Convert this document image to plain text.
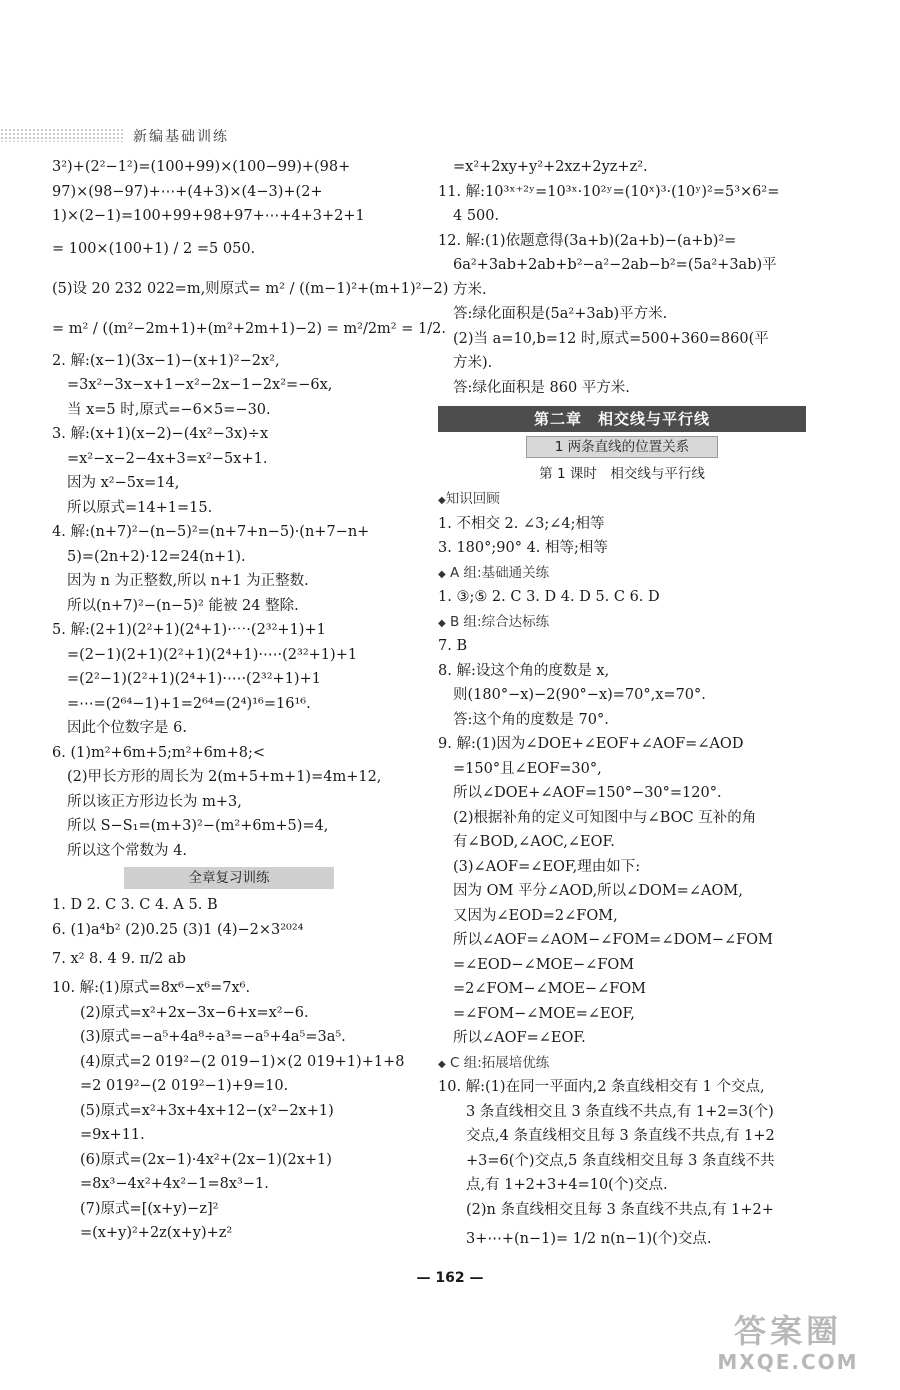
新编基础训练
3²)+(2²−1²)=(100+99)×(100−99)+(98+
97)×(98−97)+⋯+(4+3)×(4−3)+(2+
1)×(2−1)=100+99+98+97+⋯+4+3+2+1
= 100×(100+1) / 2 =5 050.
(5)设 20 232 022=m,则原式= m² / ((m−1)²+(m+1)²−2)
= m² / ((m²−2m+1)+(m²+2m+1)−2) = m²/2m² = 1/2.
2. 解:(x−1)(3x−1)−(x+1)²−2x²,
=3x²−3x−x+1−x²−2x−1−2x²=−6x,
当 x=5 时,原式=−6×5=−30.
3. 解:(x+1)(x−2)−(4x²−3x)÷x
=x²−x−2−4x+3=x²−5x+1.
因为 x²−5x=14,
所以原式=14+1=15.
4. 解:(n+7)²−(n−5)²=(n+7+n−5)·(n+7−n+
5)=(2n+2)·12=24(n+1).
因为 n 为正整数,所以 n+1 为正整数.
所以(n+7)²−(n−5)² 能被 24 整除.
5. 解:(2+1)(2²+1)(2⁴+1)·⋯·(2³²+1)+1
=(2−1)(2+1)(2²+1)(2⁴+1)·⋯·(2³²+1)+1
=(2²−1)(2²+1)(2⁴+1)·⋯·(2³²+1)+1
=⋯=(2⁶⁴−1)+1=2⁶⁴=(2⁴)¹⁶=16¹⁶.
因此个位数字是 6.
6. (1)m²+6m+5;m²+6m+8;<
(2)甲长方形的周长为 2(m+5+m+1)=4m+12,
所以该正方形边长为 m+3,
所以 S−S₁=(m+3)²−(m²+6m+5)=4,
所以这个常数为 4.
全章复习训练
1. D 2. C 3. C 4. A 5. B
6. (1)a⁴b² (2)0.25 (3)1 (4)−2×3²⁰²⁴
7. x² 8. 4 9. π/2 ab
10. 解:(1)原式=8x⁶−x⁶=7x⁶.
(2)原式=x²+2x−3x−6+x=x²−6.
(3)原式=−a⁵+4a⁸÷a³=−a⁵+4a⁵=3a⁵.
(4)原式=2 019²−(2 019−1)×(2 019+1)+1+8
=2 019²−(2 019²−1)+9=10.
(5)原式=x²+3x+4x+12−(x²−2x+1)
=9x+11.
(6)原式=(2x−1)·4x²+(2x−1)(2x+1)
=8x³−4x²+4x²−1=8x³−1.
(7)原式=[(x+y)−z]²
=(x+y)²+2z(x+y)+z²
=x²+2xy+y²+2xz+2yz+z².
11. 解:10³ˣ⁺²ʸ=10³ˣ·10²ʸ=(10ˣ)³·(10ʸ)²=5³×6²=
4 500.
12. 解:(1)依题意得(3a+b)(2a+b)−(a+b)²=
6a²+3ab+2ab+b²−a²−2ab−b²=(5a²+3ab)平
方米.
答:绿化面积是(5a²+3ab)平方米.
(2)当 a=10,b=12 时,原式=500+360=860(平
方米).
答:绿化面积是 860 平方米.
第二章　相交线与平行线
1 两条直线的位置关系
第 1 课时　相交线与平行线
◆知识回顾
1. 不相交 2. ∠3;∠4;相等
3. 180°;90° 4. 相等;相等
◆ A 组:基础通关练
1. ③;⑤ 2. C 3. D 4. D 5. C 6. D
◆ B 组:综合达标练
7. B
8. 解:设这个角的度数是 x,
则(180°−x)−2(90°−x)=70°,x=70°.
答:这个角的度数是 70°.
9. 解:(1)因为∠DOE+∠EOF+∠AOF=∠AOD
=150°且∠EOF=30°,
所以∠DOE+∠AOF=150°−30°=120°.
(2)根据补角的定义可知图中与∠BOC 互补的角
有∠BOD,∠AOC,∠EOF.
(3)∠AOF=∠EOF,理由如下:
因为 OM 平分∠AOD,所以∠DOM=∠AOM,
又因为∠EOD=2∠FOM,
所以∠AOF=∠AOM−∠FOM=∠DOM−∠FOM
=∠EOD−∠MOE−∠FOM
=2∠FOM−∠MOE−∠FOM
=∠FOM−∠MOE=∠EOF,
所以∠AOF=∠EOF.
◆ C 组:拓展培优练
10. 解:(1)在同一平面内,2 条直线相交有 1 个交点,
3 条直线相交且 3 条直线不共点,有 1+2=3(个)
交点,4 条直线相交且每 3 条直线不共点,有 1+2
+3=6(个)交点,5 条直线相交且每 3 条直线不共
点,有 1+2+3+4=10(个)交点.
(2)n 条直线相交且每 3 条直线不共点,有 1+2+
3+⋯+(n−1)= 1/2 n(n−1)(个)交点.
— 162 —
答案圈
MXQE.COM
